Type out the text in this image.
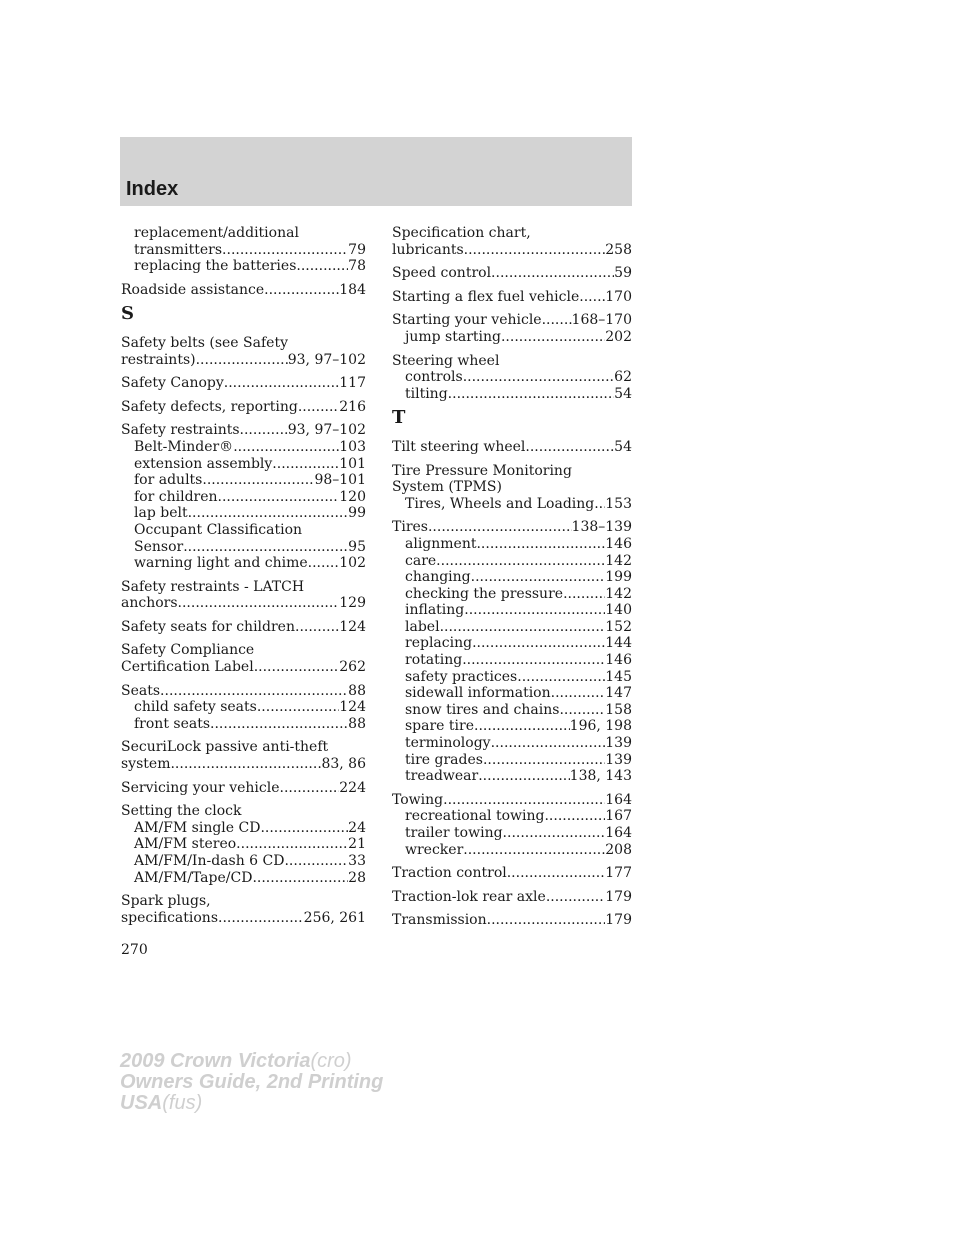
Index
replacement/additional
transmitters .....	79
replacing the batteries .....	78
Roadside assistance .....	184
S
Safety belts (see Safety
restraints) .....	93, 97–102
Safety Canopy .....	117
Safety defects, reporting .....	216
Safety restraints .....	93, 97–102
Belt-Minder® .....	103
extension assembly .....	101
for adults .....	98–101
for children .....	120
lap belt .....	99
Occupant Classification
Sensor .....	95
warning light and chime ..... 102
Safety restraints - LATCH
anchors .....	129
Safety seats for children .....	124
Safety Compliance
Certification Label .....	262
Seats .....	88
child safety seats .....	124
front seats .....	88
SecuriLock passive anti-theft
system .....	83, 86
Servicing your vehicle .....	224
Setting the clock
AM/FM single CD .....	24
AM/FM stereo .....	21
AM/FM/In-dash 6 CD .....	33
AM/FM/Tape/CD .....	28
Spark plugs,
specifications .....	256, 261
Specification chart,
lubricants .....	258
Speed control .....	59
Starting a flex fuel vehicle ..... 170
Starting your vehicle ..... 168–170
jump starting .....	202
Steering wheel
controls .....	62
tilting .....	54
T
Tilt steering wheel .....	54
Tire Pressure Monitoring
System (TPMS)
Tires, Wheels and Loading ..... 153
Tires .....	138–139
alignment .....	146
care .....	142
changing .....	199
checking the pressure .....	142
inflating .....	140
label .....	152
replacing .....	144
rotating .....	146
safety practices .....	145
sidewall information .....	147
snow tires and chains .....	158
spare tire .....	196, 198
terminology .....	139
tire grades .....	139
treadwear .....	138, 143
Towing .....	164
recreational towing .....	167
trailer towing .....	164
wrecker .....	208
Traction control .....	177
Traction-lok rear axle .....	179
Transmission .....	179
270
2009 Crown Victoria(cro)
Owners Guide, 2nd Printing
USA(fus)
